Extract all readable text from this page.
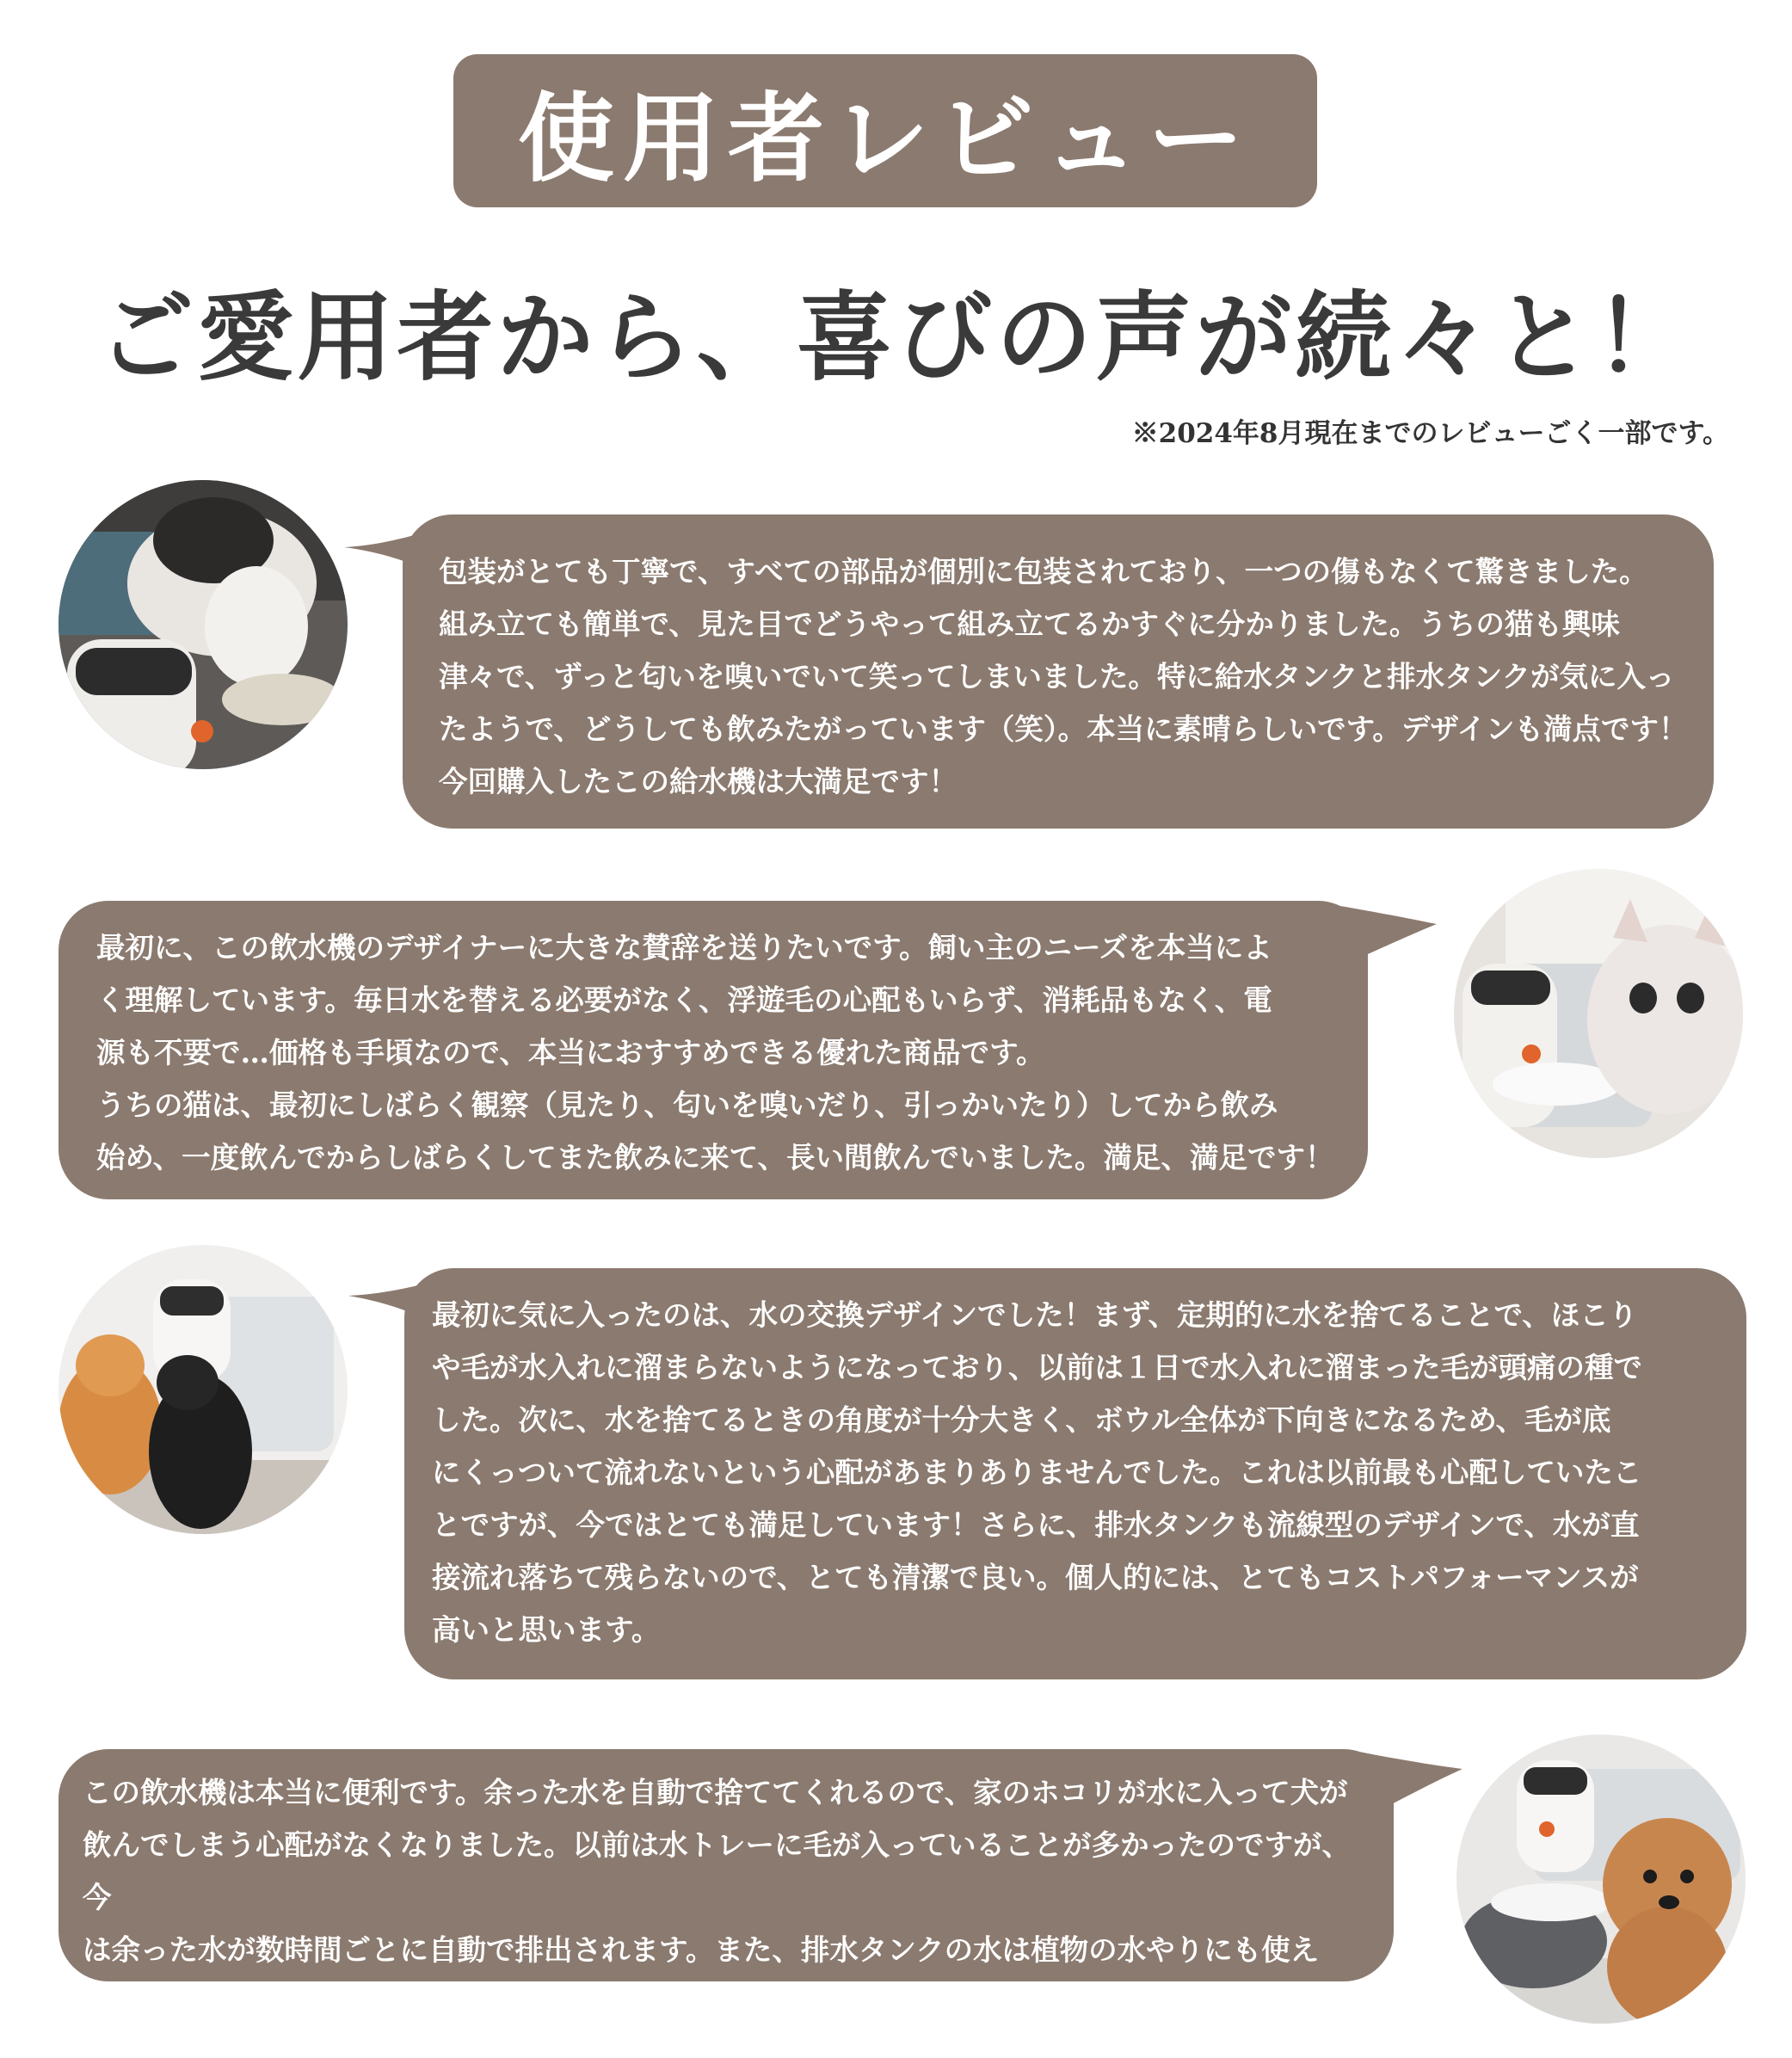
使用者レビュー
ご愛用者から、喜びの声が続々と！
※2024年8月現在までのレビューごく一部です。
包装がとても丁寧で、すべての部品が個別に包装されており、一つの傷もなくて驚きました。
組み立ても簡単で、見た目でどうやって組み立てるかすぐに分かりました。うちの猫も興味
津々で、ずっと匂いを嗅いでいて笑ってしまいました。特に給水タンクと排水タンクが気に入っ
たようで、どうしても飲みたがっています（笑）。本当に素晴らしいです。デザインも満点です！
今回購入したこの給水機は大満足です！
最初に、この飲水機のデザイナーに大きな賛辞を送りたいです。飼い主のニーズを本当によ
く理解しています。毎日水を替える必要がなく、浮遊毛の心配もいらず、消耗品もなく、電
源も不要で…価格も手頃なので、本当におすすめできる優れた商品です。
うちの猫は、最初にしばらく観察（見たり、匂いを嗅いだり、引っかいたり）してから飲み
始め、一度飲んでからしばらくしてまた飲みに来て、長い間飲んでいました。満足、満足です！
最初に気に入ったのは、水の交換デザインでした！まず、定期的に水を捨てることで、ほこり
や毛が水入れに溜まらないようになっており、以前は１日で水入れに溜まった毛が頭痛の種で
した。次に、水を捨てるときの角度が十分大きく、ボウル全体が下向きになるため、毛が底
にくっついて流れないという心配があまりありませんでした。これは以前最も心配していたこ
とですが、今ではとても満足しています！さらに、排水タンクも流線型のデザインで、水が直
接流れ落ちて残らないので、とても清潔で良い。個人的には、とてもコストパフォーマンスが
高いと思います。
この飲水機は本当に便利です。余った水を自動で捨ててくれるので、家のホコリが水に入って犬が
飲んでしまう心配がなくなりました。以前は水トレーに毛が入っていることが多かったのですが、今
は余った水が数時間ごとに自動で排出されます。また、排水タンクの水は植物の水やりにも使え
るので、とても素晴らしいデザインです。
